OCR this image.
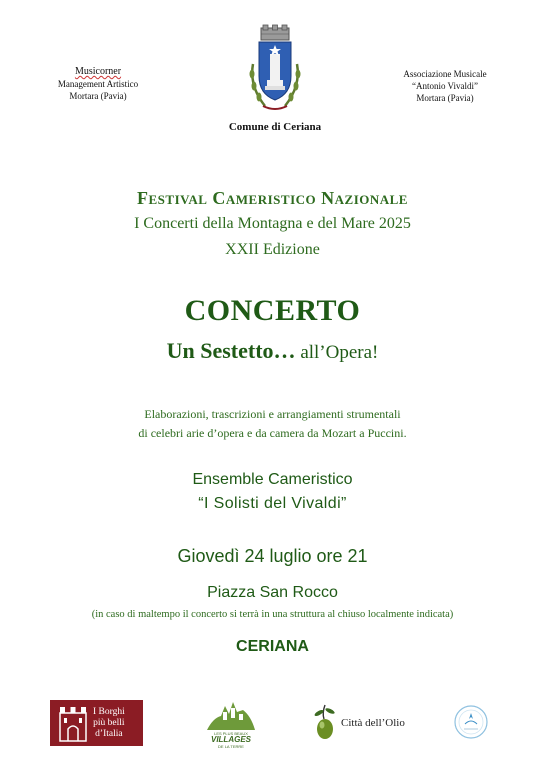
Musicorner
Management Artistico
Mortara (Pavia)
Comune di Ceriana
Associazione Musicale
“Antonio Vivaldi”
Mortara (Pavia)
Festival Cameristico Nazionale
I Concerti della Montagna e del Mare 2025
XXII Edizione
CONCERTO
Un Sestetto… all’Opera!
Elaborazioni, trascrizioni e arrangiamenti strumentali
di celebri arie d’opera e da camera da Mozart a Puccini.
Ensemble Cameristico
“I Solisti del Vivaldi”
Giovedì 24 luglio ore 21
Piazza San Rocco
(in caso di maltempo il concerto si terrà in una struttura al chiuso localmente indicata)
CERIANA
I Borghi
più belli
d’Italia	LES PLUS BEAUX
VILLAGES
DE LA TERRE
Città dell’Olio
